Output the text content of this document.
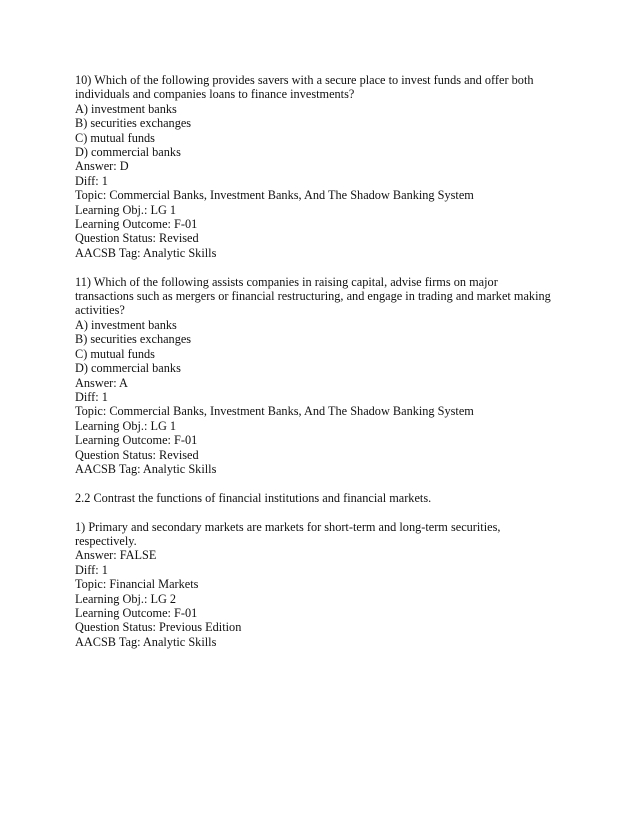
10) Which of the following provides savers with a secure place to invest funds and offer both
individuals and companies loans to finance investments?
A) investment banks
B) securities exchanges
C) mutual funds
D) commercial banks
Answer: D
Diff: 1
Topic: Commercial Banks, Investment Banks, And The Shadow Banking System
Learning Obj.: LG 1
Learning Outcome: F-01
Question Status: Revised
AACSB Tag: Analytic Skills
11) Which of the following assists companies in raising capital, advise firms on major
transactions such as mergers or financial restructuring, and engage in trading and market making
activities?
A) investment banks
B) securities exchanges
C) mutual funds
D) commercial banks
Answer: A
Diff: 1
Topic: Commercial Banks, Investment Banks, And The Shadow Banking System
Learning Obj.: LG 1
Learning Outcome: F-01
Question Status: Revised
AACSB Tag: Analytic Skills
2.2 Contrast the functions of financial institutions and financial markets.
1) Primary and secondary markets are markets for short-term and long-term securities,
respectively.
Answer: FALSE
Diff: 1
Topic: Financial Markets
Learning Obj.: LG 2
Learning Outcome: F-01
Question Status: Previous Edition
AACSB Tag: Analytic Skills
